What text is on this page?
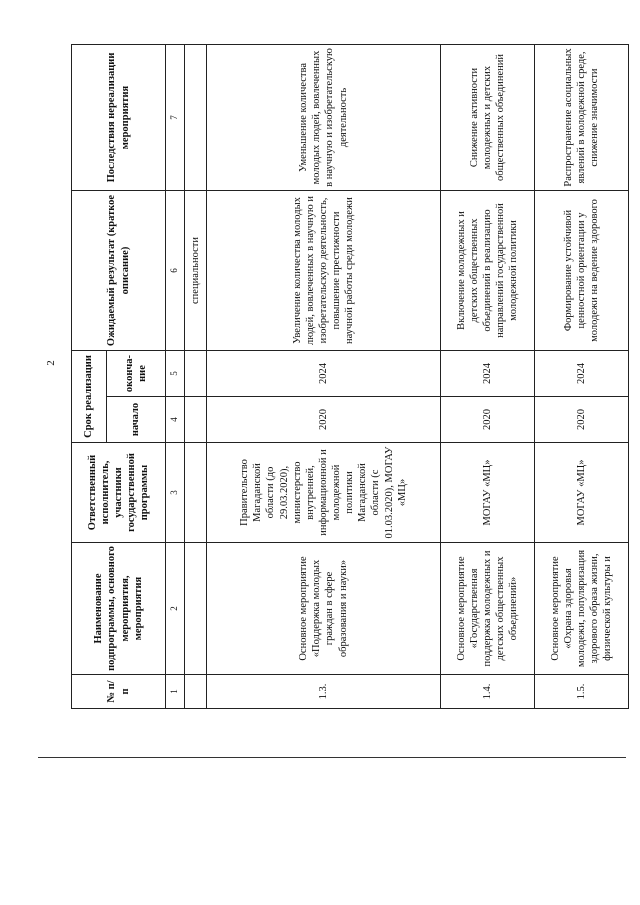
2
№ п/п	Наименование подпрограммы, основного мероприятия, мероприятия	Ответственный исполнитель, участники государственной программы	Срок реализации		Ожидаемый результат (краткое описание)	Последствия нереализации мероприятия
			начало	оконча-ние		
1	2	3	4	5	6	7
					специальности	
1.3.	Основное мероприятие «Поддержка молодых граждан в сфере образования и науки»	Правительство Магаданской области (до 29.03.2020), министерство внутренней, информационной и молодежной политики Магаданской области (с 01.03.2020), МОГАУ «МЦ»	2020	2024	Увеличение количества молодых людей, вовлеченных в научную и изобретательскую деятельность, повышение престижности научной работы среди молодежи	Уменьшение количества молодых людей, вовлеченных в научную и изобретательскую деятельность
1.4.	Основное мероприятие «Государственная поддержка молодежных и детских общественных объединений»	МОГАУ «МЦ»	2020	2024	Включение молодежных и детских общественных объединений в реализацию направлений государственной молодежной политики	Снижение активности молодежных и детских общественных объединений
1.5.	Основное мероприятие «Охрана здоровья молодежи, популяризация здорового образа жизни, физической культуры и	МОГАУ «МЦ»	2020	2024	Формирование устойчивой ценностной ориентации у молодежи на ведение здорового	Распространение асоциальных явлений в молодежной среде, снижение значимости
